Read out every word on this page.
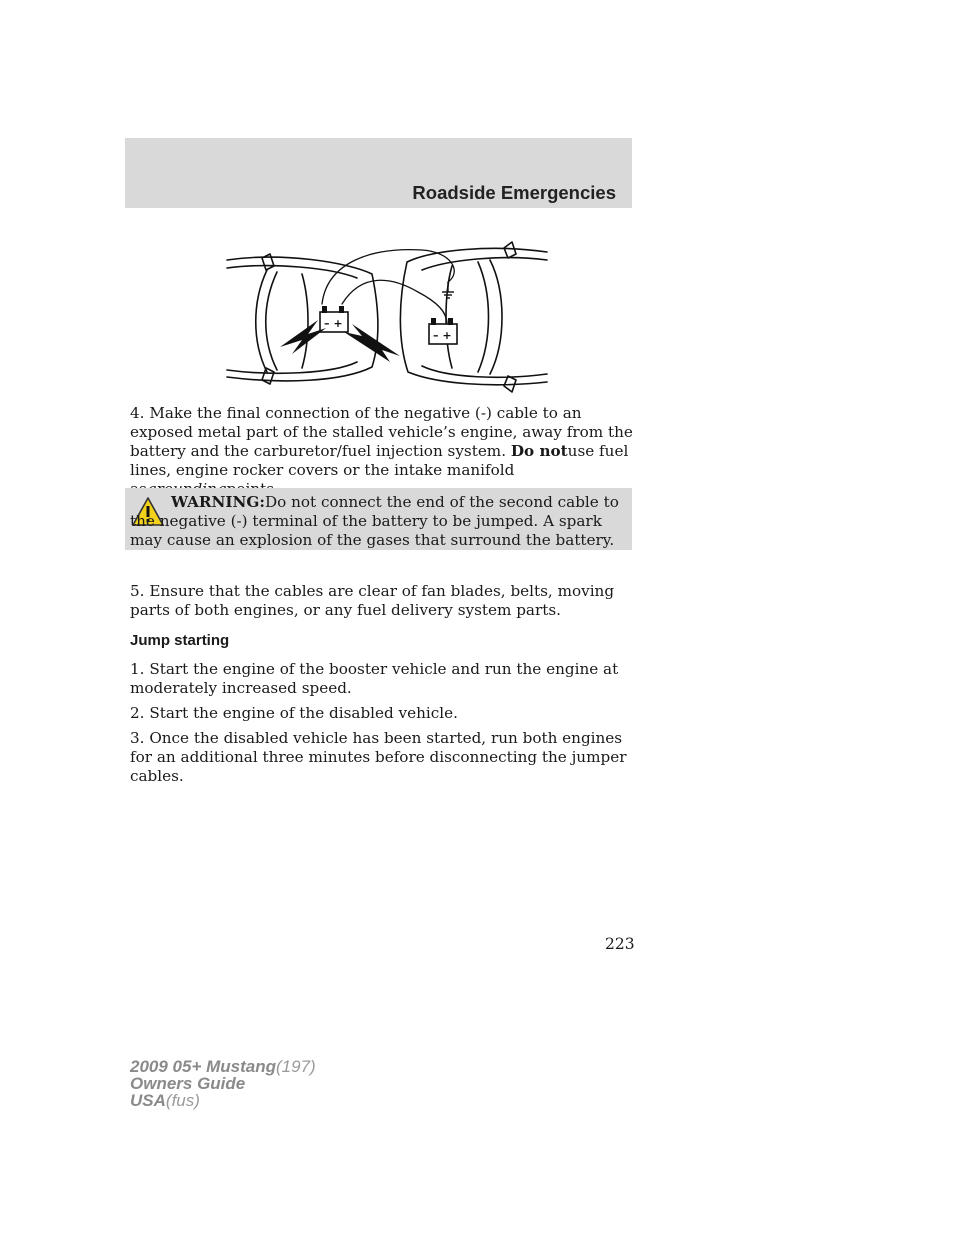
Roadside Emergencies
– +
– +

4. Make the final connection of the negative (-) cable to an exposed metal part of the stalled vehicle’s engine, away from the battery and the carburetor/fuel injection system. Do notuse fuel lines, engine rocker covers or the intake manifold

WARNING:Do not connect the end of the second cable to the negative (-) terminal of the battery to be jumped. A spark may cause an explosion of the gases that surround the battery.

5. Ensure that the cables are clear of fan blades, belts, moving parts of both engines, or any fuel delivery system parts.

Jump starting

1. Start the engine of the booster vehicle and run the engine at moderately increased speed.

2. Start the engine of the disabled vehicle.

3. Once the disabled vehicle has been started, run both engines for an additional three minutes before disconnecting the jumper cables.

223

2009 05+ Mustang(197)
Owners Guide
USA(fus)
